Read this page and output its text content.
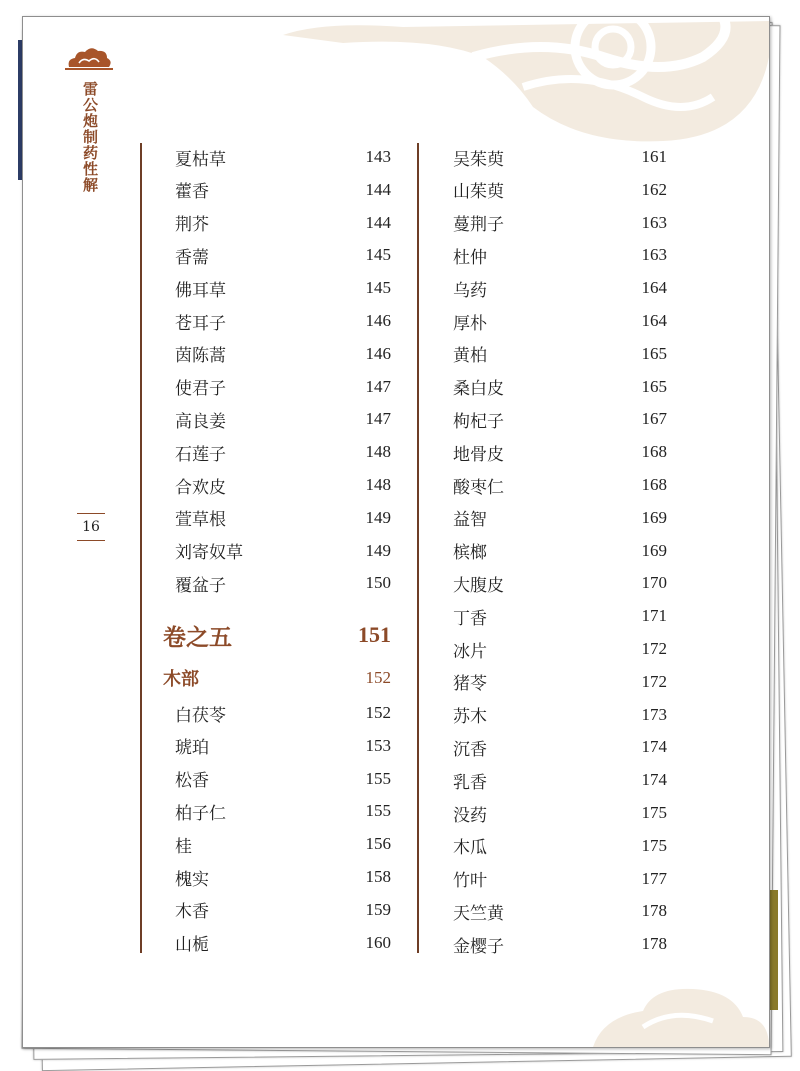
雷公炮制药性解
16
夏枯草	143
藿香	144
荆芥	144
香薷	145
佛耳草	145
苍耳子	146
茵陈蒿	146
使君子	147
高良姜	147
石莲子	148
合欢皮	148
萱草根	149
刘寄奴草	149
覆盆子	150
卷之五	151
木部	152
白茯苓	152
琥珀	153
松香	155
柏子仁	155
桂	156
槐实	158
木香	159
山栀	160
吴茱萸	161
山茱萸	162
蔓荆子	163
杜仲	163
乌药	164
厚朴	164
黄柏	165
桑白皮	165
枸杞子	167
地骨皮	168
酸枣仁	168
益智	169
槟榔	169
大腹皮	170
丁香	171
冰片	172
猪苓	172
苏木	173
沉香	174
乳香	174
没药	175
木瓜	175
竹叶	177
天竺黄	178
金樱子	178
